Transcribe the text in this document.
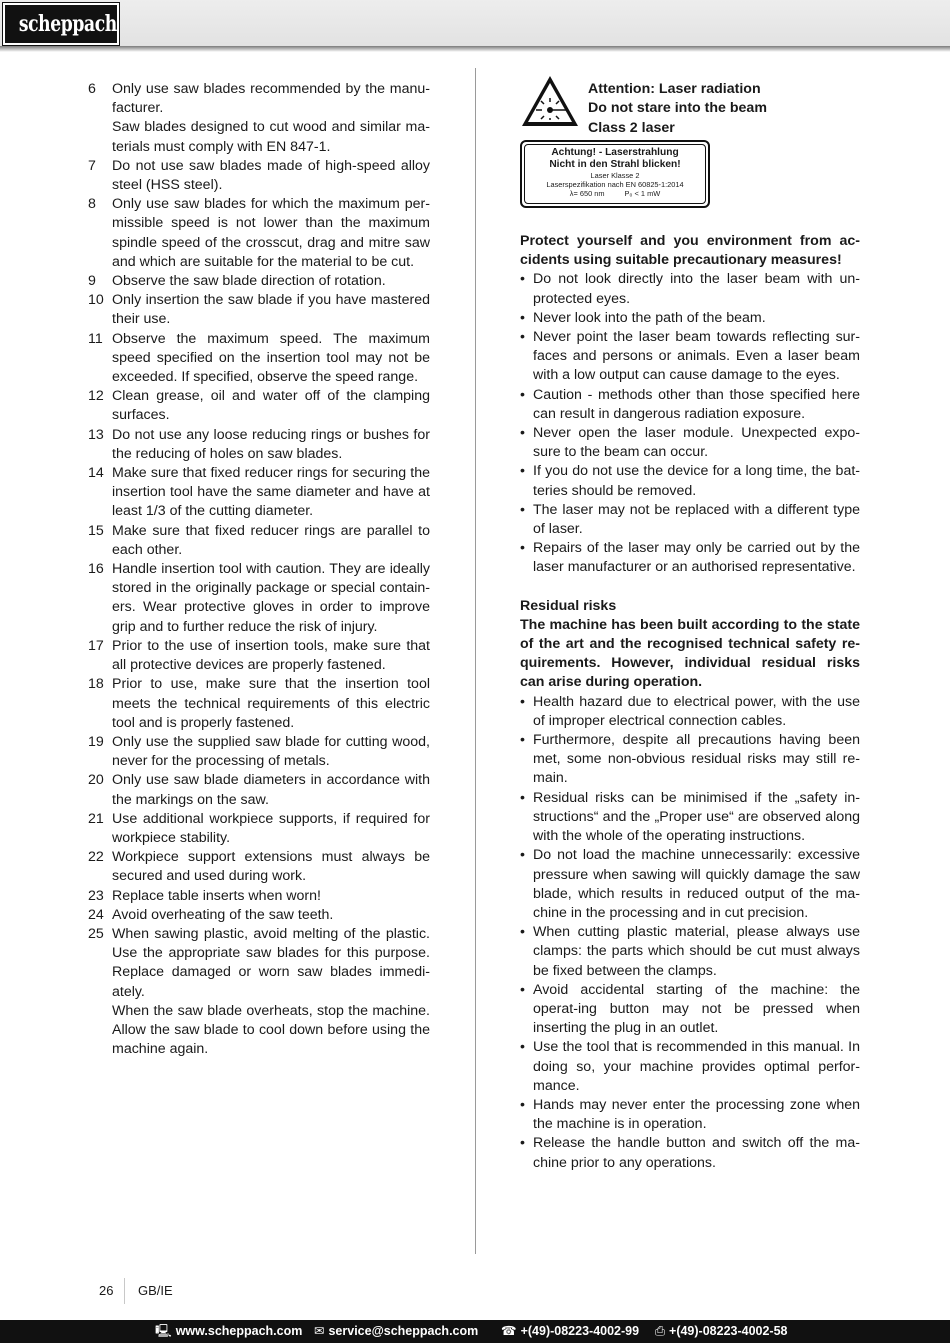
scheppach
6	Only use saw blades recommended by the manu-facturer.

Saw blades designed to cut wood and similar ma-terials must comply with EN 847-1.

7	Do not use saw blades made of high-speed alloy steel (HSS steel).

8	Only use saw blades for which the maximum per-missible speed is not lower than the maximum spindle speed of the crosscut, drag and mitre saw and which are suitable for the material to be cut.

9	Observe the saw blade direction of rotation.

10 Only insertion the saw blade if you have mastered their use.

11 Observe the maximum speed. The maximum speed specified on the insertion tool may not be exceeded. If specified, observe the speed range.

12 Clean grease, oil and water off of the clamping surfaces.

13 Do not use any loose reducing rings or bushes for the reducing of holes on saw blades.

14 Make sure that fixed reducer rings for securing the insertion tool have the same diameter and have at least 1/3 of the cutting diameter.

15 Make sure that fixed reducer rings are parallel to each other.

16 Handle insertion tool with caution. They are ideally stored in the originally package or special contain-ers. Wear protective gloves in order to improve grip and to further reduce the risk of injury.

17 Prior to the use of insertion tools, make sure that all protective devices are properly fastened.

18 Prior to use, make sure that the insertion tool meets the technical requirements of this electric tool and is properly fastened.

19 Only use the supplied saw blade for cutting wood, never for the processing of metals.

20 Only use saw blade diameters in accordance with the markings on the saw.

21 Use additional workpiece supports, if required for workpiece stability.

22 Workpiece support extensions must always be secured and used during work.

23 Replace table inserts when worn!

24 Avoid overheating of the saw teeth.

25 When sawing plastic, avoid melting of the plastic. Use the appropriate saw blades for this purpose. Replace damaged or worn saw blades immedi-ately.

When the saw blade overheats, stop the machine. Allow the saw blade to cool down before using the machine again.

Attention: Laser radiation
Do not stare into the beam
Class 2 laser
Achtung! - Laserstrahlung
Nicht in den Strahl blicken!
Laser Klasse 2
Laserspezifikation nach EN 60825-1:2014
λ= 650 nm	P₀ < 1 mW

Protect yourself and you environment from ac-cidents using suitable precautionary measures!

• Do not look directly into the laser beam with un-protected eyes.
• Never look into the path of the beam.
• Never point the laser beam towards reflecting sur-faces and persons or animals. Even a laser beam with a low output can cause damage to the eyes.
• Caution - methods other than those specified here can result in dangerous radiation exposure.
• Never open the laser module. Unexpected expo-sure to the beam can occur.
• If you do not use the device for a long time, the bat-teries should be removed.
• The laser may not be replaced with a different type of laser.
• Repairs of the laser may only be carried out by the laser manufacturer or an authorised representative.
Residual risks

The machine has been built according to the state of the art and the recognised technical safety re-quirements. However, individual residual risks can arise during operation.

• Health hazard due to electrical power, with the use of improper electrical connection cables.
• Furthermore, despite all precautions having been met, some non-obvious residual risks may still re-main.
• Residual risks can be minimised if the „safety in-structions“ and the „Proper use“ are observed along with the whole of the operating instructions.
• Do not load the machine unnecessarily: excessive pressure when sawing will quickly damage the saw blade, which results in reduced output of the ma-chine in the processing and in cut precision.
• When cutting plastic material, please always use clamps: the parts which should be cut must always be fixed between the clamps.
• Avoid accidental starting of the machine: the operat-ing button may not be pressed when inserting the plug in an outlet.
• Use the tool that is recommended in this manual. In doing so, your machine provides optimal perfor-mance.
• Hands may never enter the processing zone when the machine is in operation.
• Release the handle button and switch off the ma-chine prior to any operations.
26 GB/IE
🖳 www.scheppach.com ✉ service@scheppach.com ☎ +(49)-08223-4002-99 ⎙ +(49)-08223-4002-58
